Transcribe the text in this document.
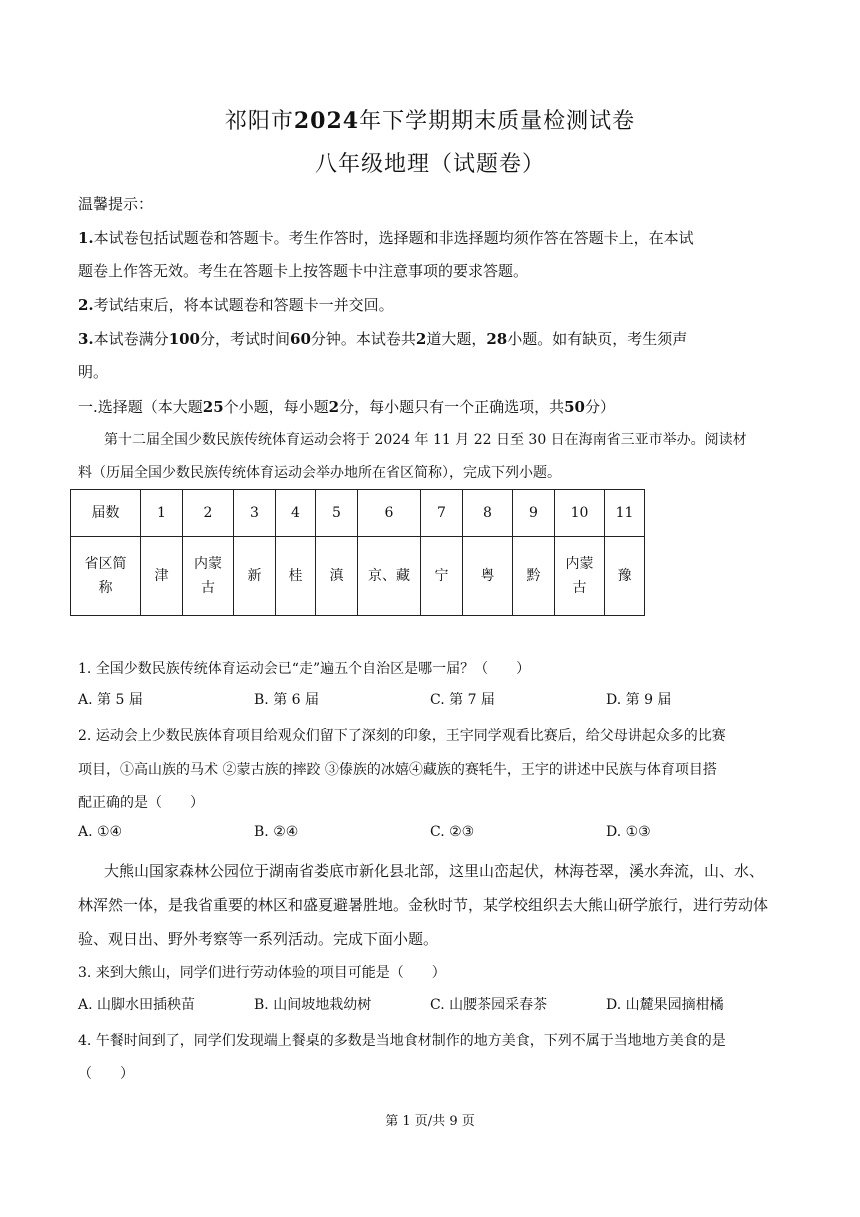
祁阳市2024年下学期期末质量检测试卷
八年级地理（试题卷）
温馨提示：
1.本试卷包括试题卷和答题卡。考生作答时，选择题和非选择题均须作答在答题卡上，在本试
题卷上作答无效。考生在答题卡上按答题卡中注意事项的要求答题。
2.考试结束后，将本试题卷和答题卡一并交回。
3.本试卷满分100分，考试时间60分钟。本试卷共2道大题，28小题。如有缺页，考生须声
明。
一.选择题（本大题25个小题，每小题2分，每小题只有一个正确选项，共50分）
第十二届全国少数民族传统体育运动会将于 2024 年 11 月 22 日至 30 日在海南省三亚市举办。阅读材
料（历届全国少数民族传统体育运动会举办地所在省区简称），完成下列小题。
届数	1	2	3	4	5	6	7	8	9	10	11
省区简称	津	内蒙古	新	桂	滇	京、藏	宁	粤	黔	内蒙古	豫
1. 全国少数民族传统体育运动会已“走”遍五个自治区是哪一届？（　　）
A. 第 5 届	B. 第 6 届	C. 第 7 届	D. 第 9 届
2. 运动会上少数民族体育项目给观众们留下了深刻的印象，王宇同学观看比赛后，给父母讲起众多的比赛
项目，①高山族的马术 ②蒙古族的摔跤 ③傣族的冰嬉④藏族的赛牦牛，王宇的讲述中民族与体育项目搭
配正确的是（　　）
A. ①④	B. ②④	C. ②③	D. ①③
大熊山国家森林公园位于湖南省娄底市新化县北部，这里山峦起伏，林海苍翠，溪水奔流，山、水、
林浑然一体，是我省重要的林区和盛夏避暑胜地。金秋时节，某学校组织去大熊山研学旅行，进行劳动体
验、观日出、野外考察等一系列活动。完成下面小题。
3. 来到大熊山，同学们进行劳动体验的项目可能是（　　）
A. 山脚水田插秧苗	B. 山间坡地栽幼树	C. 山腰茶园采春茶	D. 山麓果园摘柑橘
4. 午餐时间到了，同学们发现端上餐桌的多数是当地食材制作的地方美食，下列不属于当地地方美食的是
（　　）
第 1 页/共 9 页
